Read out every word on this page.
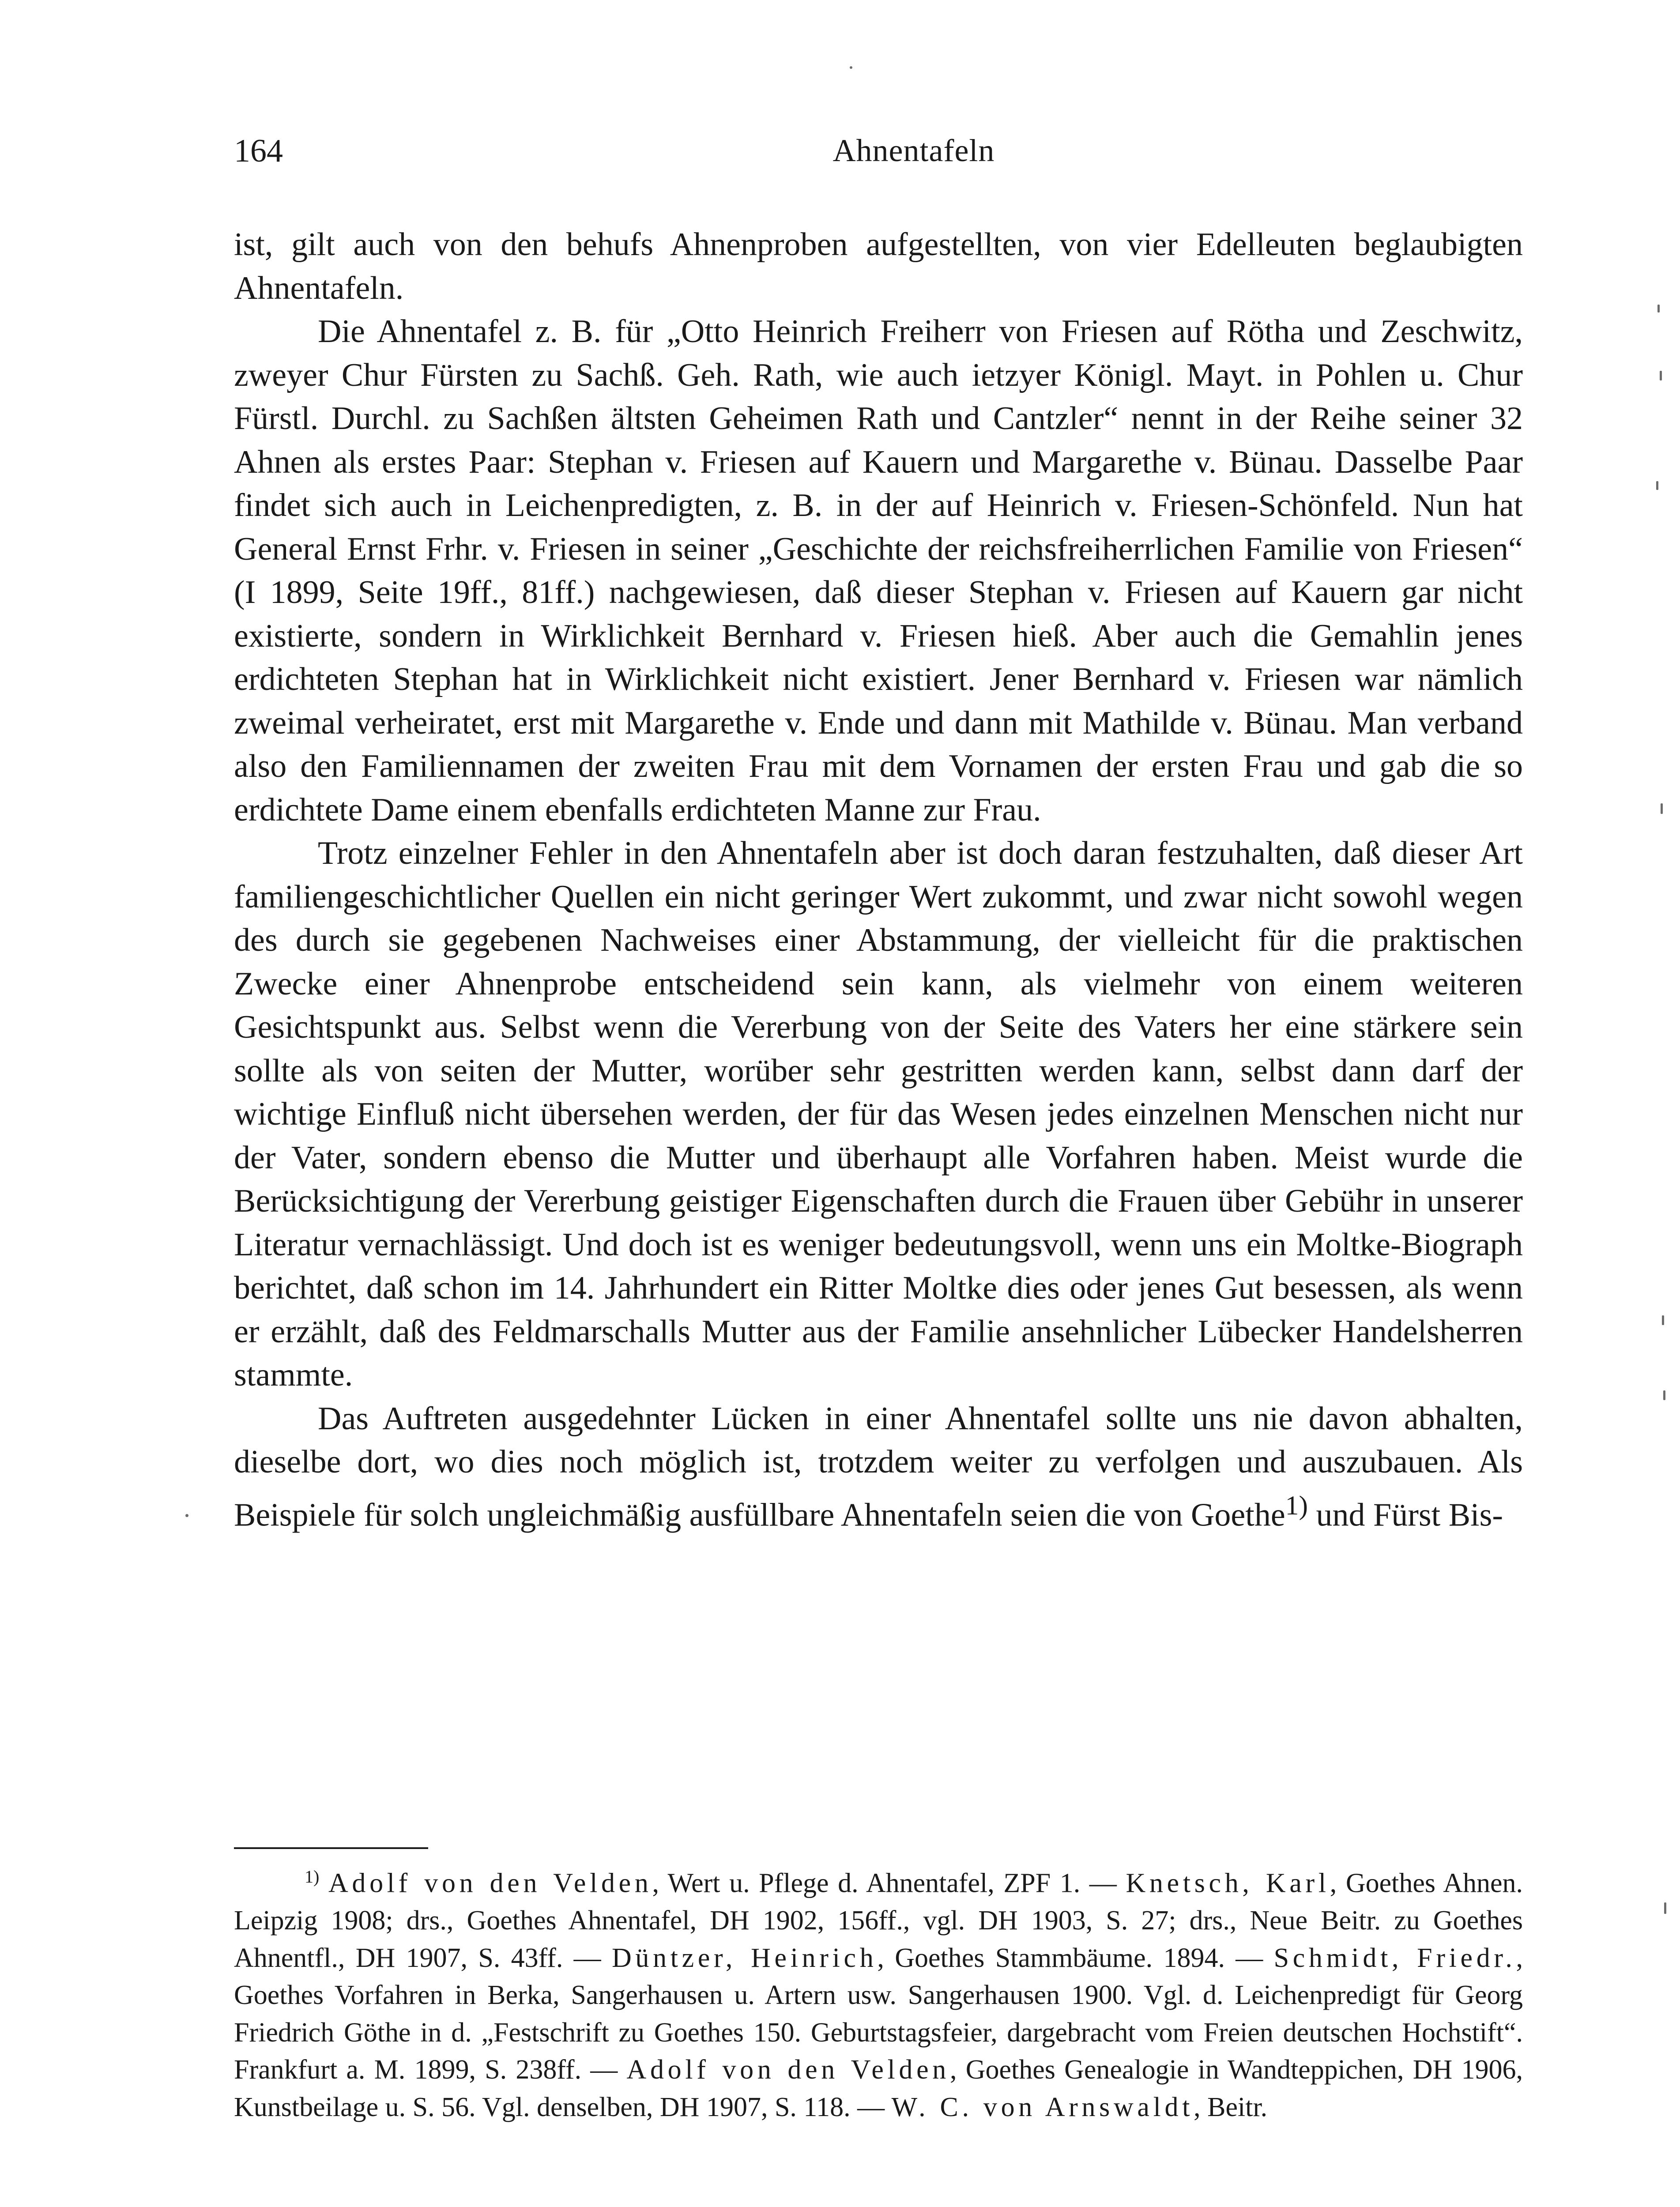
164	Ahnentafeln

ist, gilt auch von den behufs Ahnenproben aufgestellten, von vier Edelleuten beglaubigten Ahnentafeln.

Die Ahnentafel z. B. für „Otto Heinrich Freiherr von Friesen auf Rötha und Zeschwitz, zweyer Chur Fürsten zu Sachß. Geh. Rath, wie auch ietzyer Königl. Mayt. in Pohlen u. Chur Fürstl. Durchl. zu Sachßen ältsten Geheimen Rath und Cantzler“ nennt in der Reihe seiner 32 Ahnen als erstes Paar: Stephan v. Friesen auf Kauern und Margarethe v. Bünau. Dasselbe Paar findet sich auch in Leichenpredigten, z. B. in der auf Heinrich v. Friesen-Schönfeld. Nun hat General Ernst Frhr. v. Friesen in seiner „Geschichte der reichsfreiherrlichen Familie von Friesen“ (I 1899, Seite 19ff., 81ff.) nachgewiesen, daß dieser Stephan v. Friesen auf Kauern gar nicht existierte, sondern in Wirklichkeit Bernhard v. Friesen hieß. Aber auch die Gemahlin jenes erdichteten Stephan hat in Wirklichkeit nicht existiert. Jener Bernhard v. Friesen war nämlich zweimal verheiratet, erst mit Margarethe v. Ende und dann mit Mathilde v. Bünau. Man verband also den Familiennamen der zweiten Frau mit dem Vornamen der ersten Frau und gab die so erdichtete Dame einem ebenfalls erdichteten Manne zur Frau.

Trotz einzelner Fehler in den Ahnentafeln aber ist doch daran festzuhalten, daß dieser Art familiengeschichtlicher Quellen ein nicht geringer Wert zukommt, und zwar nicht sowohl wegen des durch sie gegebenen Nachweises einer Abstammung, der vielleicht für die praktischen Zwecke einer Ahnenprobe entscheidend sein kann, als vielmehr von einem weiteren Gesichtspunkt aus. Selbst wenn die Vererbung von der Seite des Vaters her eine stärkere sein sollte als von seiten der Mutter, worüber sehr gestritten werden kann, selbst dann darf der wichtige Einfluß nicht übersehen werden, der für das Wesen jedes einzelnen Menschen nicht nur der Vater, sondern ebenso die Mutter und überhaupt alle Vorfahren haben. Meist wurde die Berücksichtigung der Vererbung geistiger Eigenschaften durch die Frauen über Gebühr in unserer Literatur vernachlässigt. Und doch ist es weniger bedeutungsvoll, wenn uns ein Moltke-Biograph berichtet, daß schon im 14. Jahrhundert ein Ritter Moltke dies oder jenes Gut besessen, als wenn er erzählt, daß des Feldmarschalls Mutter aus der Familie ansehnlicher Lübecker Handelsherren stammte.

Das Auftreten ausgedehnter Lücken in einer Ahnentafel sollte uns nie davon abhalten, dieselbe dort, wo dies noch möglich ist, trotzdem weiter zu verfolgen und auszubauen. Als Beispiele für solch ungleichmäßig ausfüllbare Ahnentafeln seien die von Goethe$^{1)}$ und Fürst Bis-

$^{1)}$ Adolf von den Velden, Wert u. Pflege d. Ahnentafel, ZPF 1. — Knetsch, Karl, Goethes Ahnen. Leipzig 1908; drs., Goethes Ahnentafel, DH 1902, 156ff., vgl. DH 1903, S. 27; drs., Neue Beitr. zu Goethes Ahnentfl., DH 1907, S. 43ff. — Düntzer, Heinrich, Goethes Stammbäume. 1894. — Schmidt, Friedr., Goethes Vorfahren in Berka, Sangerhausen u. Artern usw. Sangerhausen 1900. Vgl. d. Leichenpredigt für Georg Friedrich Göthe in d. „Festschrift zu Goethes 150. Geburtstagsfeier, dargebracht vom Freien deutschen Hochstift“. Frankfurt a. M. 1899, S. 238ff. — Adolf von den Velden, Goethes Genealogie in Wandteppichen, DH 1906, Kunstbeilage u. S. 56. Vgl. denselben, DH 1907, S. 118. — W. C. von Arnswaldt, Beitr.
